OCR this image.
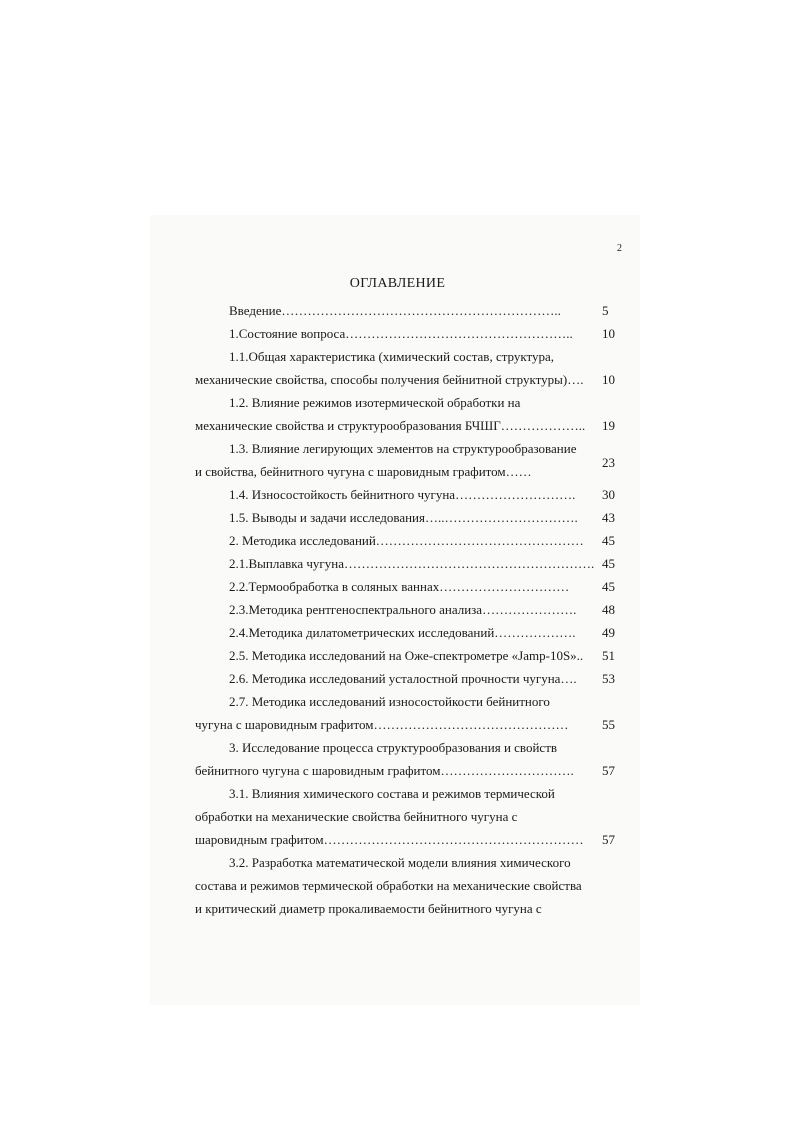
2
ОГЛАВЛЕНИЕ
Введение………………………………………………………..	5
1.Состояние вопроса…………………………………………….. 10
1.1.Общая характеристика (химический состав, структура,
механические свойства, способы получения бейнитной структуры)…. 10
1.2. Влияние режимов изотермической обработки на
механические свойства и структурообразования БЧШГ……………….. 19
1.3. Влияние легирующих элементов на структурообразование
и свойства, бейнитного чугуна с шаровидным графитом……
23
1.4. Износостойкость бейнитного чугуна………………………. 30
1.5. Выводы и задачи исследования…..…………………………. 43
2. Методика исследований………………………………………… 45
2.1.Выплавка чугуна…………………………………………………. 45
2.2.Термообработка в соляных ваннах…………………………	45
2.3.Методика рентгеноспектрального анализа…………………. 48
2.4.Методика дилатометрических исследований………………. 49
2.5. Методика исследований на Оже-спектрометре «Jamp-10S».. 51
2.6. Методика исследований усталостной прочности чугуна…. 53
2.7. Методика исследований износостойкости бейнитного
чугуна с шаровидным графитом………………………………………	55
3. Исследование процесса структурообразования и свойств
бейнитного чугуна с шаровидным графитом…………………………. 57
3.1. Влияния химического состава и режимов термической
обработки на механические свойства бейнитного чугуна с
шаровидным графитом…………………………………………………… 57
3.2. Разработка математической модели влияния химического
состава и режимов термической обработки на механические свойства
и критический диаметр прокаливаемости бейнитного чугуна с
